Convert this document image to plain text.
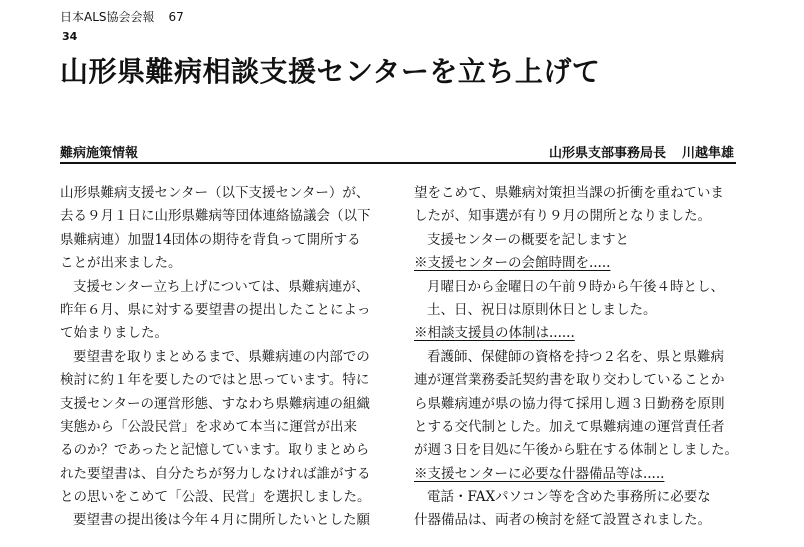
日本ALS協会会報 67
34
山形県難病相談支援センターを立ち上げて
難病施策情報	山形県支部事務局長 川越隼雄
山形県難病支援センター（以下支援センター）が、
去る９月１日に山形県難病等団体連絡協議会（以下
県難病連）加盟14団体の期待を背負って開所する
ことが出来ました。
支援センター立ち上げについては、県難病連が、
昨年６月、県に対する要望書の提出したことによっ
て始まりました。
要望書を取りまとめるまで、県難病連の内部での
検討に約１年を要したのではと思っています。特に
支援センターの運営形態、すなわち県難病連の組織
実態から「公設民営」を求めて本当に運営が出来
るのか？であったと記憶しています。取りまとめら
れた要望書は、自分たちが努力しなければ誰がする
との思いをこめて「公設、民営」を選択しました。
要望書の提出後は今年４月に開所したいとした願
望をこめて、県難病対策担当課の折衝を重ねていま
したが、知事選が有り９月の開所となりました。
支援センターの概要を記しますと
※支援センターの会館時間を.....
月曜日から金曜日の午前９時から午後４時とし、
土、日、祝日は原則休日としました。
※相談支援員の体制は......
看護師、保健師の資格を持つ２名を、県と県難病
連が運営業務委託契約書を取り交わしていることか
ら県難病連が県の協力得て採用し週３日勤務を原則
とする交代制とした。加えて県難病連の運営責任者
が週３日を目処に午後から駐在する体制としました。
※支援センターに必要な什器備品等は.....
電話・FAXパソコン等を含めた事務所に必要な
什器備品は、両者の検討を経て設置されました。
